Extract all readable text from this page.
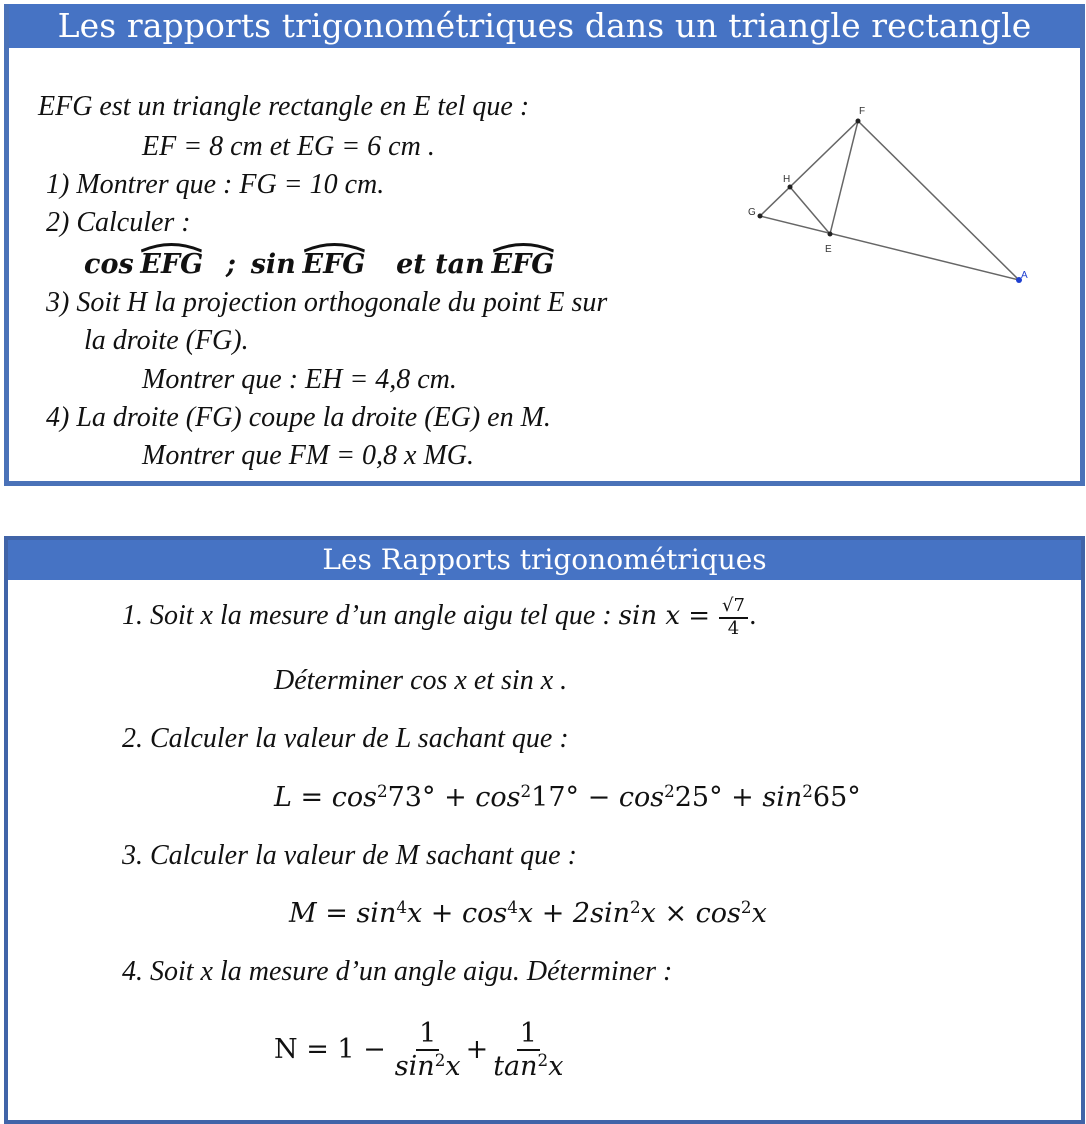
Les rapports trigonométriques dans un triangle rectangle
EFG est un triangle rectangle en E tel que :
EF = 8 cm et EG = 6 cm .
1) Montrer que : FG = 10 cm.
2) Calculer :
cos EFG ; sin EFG et tan EFG
3) Soit H la projection orthogonale du point E sur
la droite (FG).
Montrer que : EH = 4,8 cm.
4) La droite (FG) coupe la droite (EG) en M.
Montrer que FM = 0,8 x MG.
F
H
G
E
A
Les Rapports trigonométriques
1. Soit x la mesure d’un angle aigu tel que : $\sin x = \frac{√7}{4}$ .
Déterminer cos x et sin x .
2. Calculer la valeur de L sachant que :
$L = \cos^273^\circ + \cos^217^\circ - \cos^225^\circ + \sin^265^\circ$
3. Calculer la valeur de M sachant que :
$M = \sin^4x + \cos^4x + 2\sin^2x \times \cos^2x$
4. Soit x la mesure d’un angle aigu. Déterminer :
$N = 1 - \frac{1}{\sin^2x} + \frac{1}{\tan^2x}$
